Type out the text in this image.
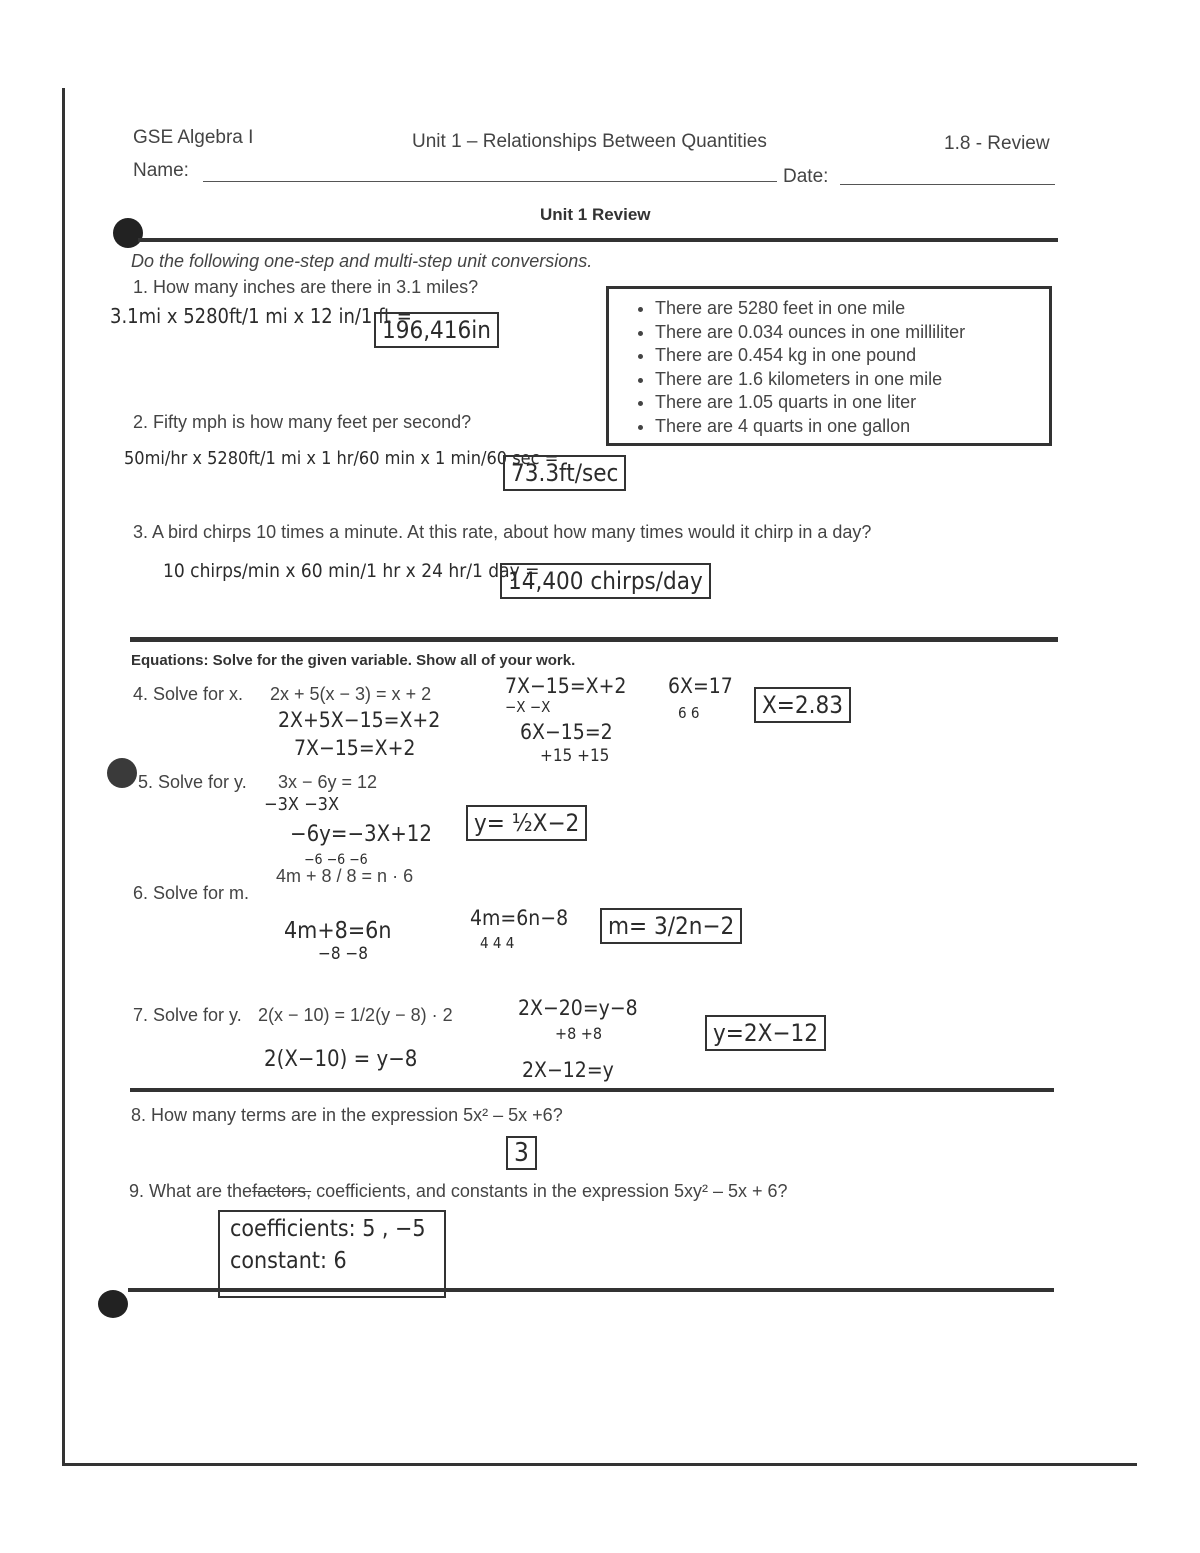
GSE Algebra I	Unit 1 – Relationships Between Quantities	1.8 - Review
Name:	Date:
Unit 1 Review
Do the following one-step and multi-step unit conversions.
1. How many inches are there in 3.1 miles?
3.1mi x 5280ft/1 mi x 12 in/1 ft =
196,416in
• There are 5280 feet in one mile
• There are 0.034 ounces in one milliliter
• There are 0.454 kg in one pound
• There are 1.6 kilometers in one mile
• There are 1.05 quarts in one liter
• There are 4 quarts in one gallon
2. Fifty mph is how many feet per second?
50mi/hr x 5280ft/1 mi x 1 hr/60 min x 1 min/60 sec =
73.3ft/sec
3. A bird chirps 10 times a minute. At this rate, about how many times would it chirp in a day?
10 chirps/min x 60 min/1 hr x 24 hr/1 day =
14,400 chirps/day
Equations: Solve for the given variable. Show all of your work.
4. Solve for x. 2x + 5(x − 3) = x + 2
2X+5X−15=X+2
7X−15=X+2
7X−15=X+2
−X −X
6X−15=2
+15 +15
6X=17
6 6	X=2.83
5. Solve for y. 3x − 6y = 12
−3X −3X
−6y=−3X+12
−6 −6 −6
y= ½X−2
6. Solve for m.
4m + 8 / 8 = n · 6
4m+8=6n
−8 −8
4m=6n−8
4 4 4
m= 3/2n−2
7. Solve for y. 2(x − 10) = 1/2(y − 8) · 2
2(X−10) = y−8
2X−20=y−8
+8 +8
2X−12=y
y=2X−12
8. How many terms are in the expression 5x² – 5x +6?
3
9. What are thefactors, coefficients, and constants in the expression 5xy² – 5x + 6?
coefficients: 5 , −5
constant: 6
